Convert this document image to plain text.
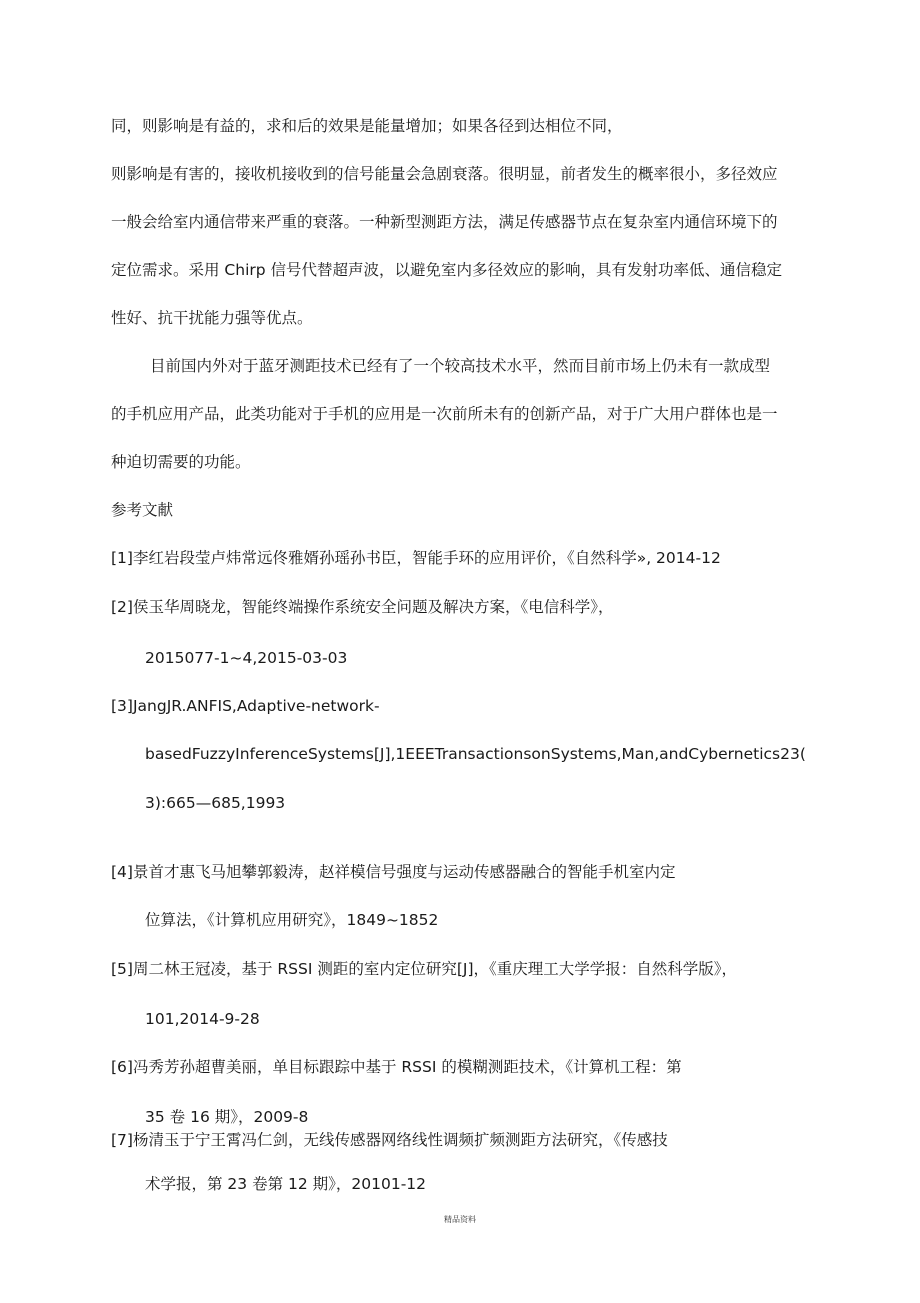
同，则影响是有益的，求和后的效果是能量增加；如果各径到达相位不同，
则影响是有害的，接收机接收到的信号能量会急剧衰落。很明显，前者发生的概率很小，多径效应
一般会给室内通信带来严重的衰落。一种新型测距方法，满足传感器节点在复杂室内通信环境下的
定位需求。采用 Chirp 信号代替超声波，以避免室内多径效应的影响，具有发射功率低、通信稳定
性好、抗干扰能力强等优点。
目前国内外对于蓝牙测距技术已经有了一个较高技术水平，然而目前市场上仍未有一款成型
的手机应用产品，此类功能对于手机的应用是一次前所未有的创新产品，对于广大用户群体也是一
种迫切需要的功能。
参考文献
[1]李红岩段莹卢炜常远佟雅婿孙瑶孙书臣，智能手环的应用评价，《自然科学», 2014-12
[2]侯玉华周晓龙，智能终端操作系统安全问题及解决方案，《电信科学》，
2015077-1~4,2015-03-03
[3]JangJR.ANFIS,Adaptive-network-
basedFuzzyInferenceSystems[J],1EEETransactionsonSystems,Man,andCybernetics23(
3):665—685,1993
[4]景首才惠飞马旭攀郭毅涛，赵祥模信号强度与运动传感器融合的智能手机室内定
位算法，《计算机应用研究》，1849~1852
[5]周二林王冠凌，基于 RSSI 测距的室内定位研究[J]，《重庆理工大学学报：自然科学版》，
101,2014-9-28
[6]冯秀芳孙超曹美丽，单目标跟踪中基于 RSSI 的模糊测距技术，《计算机工程：第
35 卷 16 期》，2009-8
[7]杨清玉于宁王霄冯仁剑，无线传感器网络线性调频扩频测距方法研究，《传感技
术学报，第 23 卷第 12 期》，20101-12
精品资料
